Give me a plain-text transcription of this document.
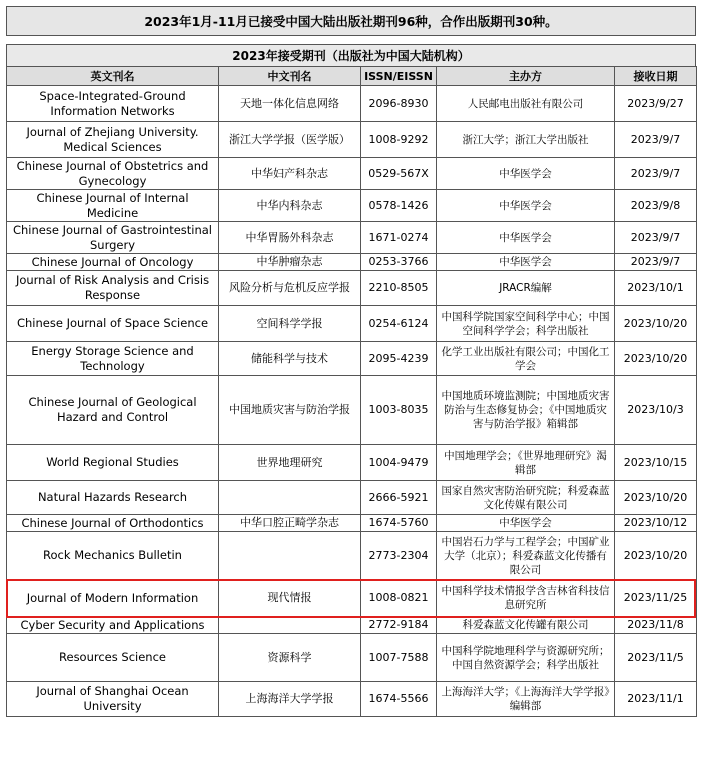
2023年1月-11月已接受中国大陆出版社期刊96种，合作出版期刊30种。
2023年接受期刊（出版社为中国大陆机构）
英文刊名	中文刊名	ISSN/EISSN	主办方	接收日期
Space-Integrated-Ground Information Networks	天地一体化信息网络	2096-8930	人民邮电出版社有限公司	2023/9/27
Journal of Zhejiang University. Medical Sciences	浙江大学学报（医学版）	1008-9292	浙江大学；浙江大学出版社	2023/9/7
Chinese Journal of Obstetrics and Gynecology	中华妇产科杂志	0529-567X	中华医学会	2023/9/7
Chinese Journal of Internal Medicine	中华内科杂志	0578-1426	中华医学会	2023/9/8
Chinese Journal of Gastrointestinal Surgery	中华胃肠外科杂志	1671-0274	中华医学会	2023/9/7
Chinese Journal of Oncology	中华肿瘤杂志	0253-3766	中华医学会	2023/9/7
Journal of Risk Analysis and Crisis Response	风险分析与危机反应学报	2210-8505	JRACR编解	2023/10/1
Chinese Journal of Space Science	空间科学学报	0254-6124	中国科学院国家空间科学中心；中国空间科学学会；科学出版社	2023/10/20
Energy Storage Science and Technology	储能科学与技术	2095-4239	化学工业出版社有限公司；中国化工学会	2023/10/20
Chinese Journal of Geological Hazard and Control	中国地质灾害与防治学报	1003-8035	中国地质环境监测院；中国地质灾害防治与生态修复协会；《中国地质灾害与防治学报》箱辑部	2023/10/3
World Regional Studies	世界地理研究	1004-9479	中国地理学会；《世界地理研究》渴辑部	2023/10/15
Natural Hazards Research		2666-5921	国家自然灾害防治研究院；科爱森蓝文化传媒有限公司	2023/10/20
Chinese Journal of Orthodontics	中华口腔正畸学杂志	1674-5760	中华医学会	2023/10/12
Rock Mechanics Bulletin		2773-2304	中国岩石力学与工程学会；中国矿业大学（北京）；科爱森蓝文化传播有限公司	2023/10/20
Journal of Modern Information	现代情报	1008-0821	中国科学技术情报学含吉林省科技信息研究所	2023/11/25
Cyber Security and Applications		2772-9184	科爱森蓝文化传罐有限公司	2023/11/8
Resources Science	资源科学	1007-7588	中国科学院地理科学与资源研究所；中国自然资源学会；科学出版社	2023/11/5
Journal of Shanghai Ocean University	上海海洋大学学报	1674-5566	上海海洋大学；《上海海洋大学学报》编辑部	2023/11/1
